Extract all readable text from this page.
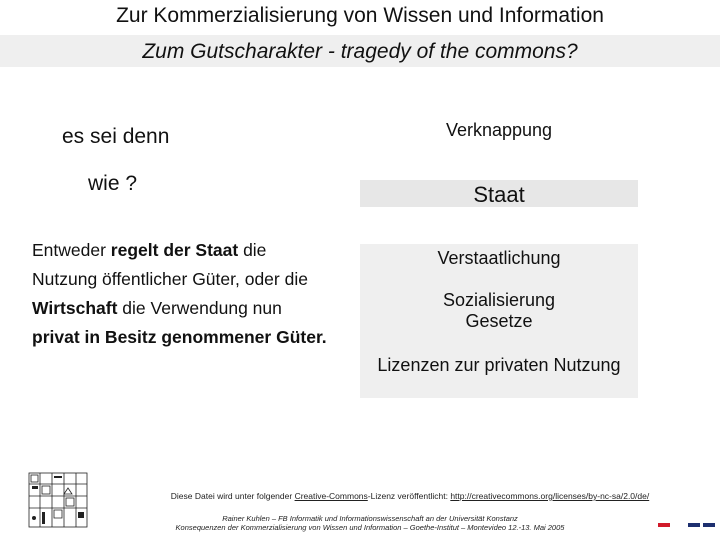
Zur Kommerzialisierung von Wissen und Information
Zum Gutscharakter - tragedy of the commons?
es sei denn
wie ?
Entweder regelt der Staat die Nutzung öffentlicher Güter, oder die Wirtschaft die Verwendung nun privat in Besitz genommener Güter.
Verknappung
Staat
Verstaatlichung
Sozialisierung
Gesetze
Lizenzen zur privaten Nutzung
Diese Datei wird unter folgender Creative-Commons-Lizenz veröffentlicht: http://creativecommons.org/licenses/by-nc-sa/2.0/de/
Rainer Kuhlen – FB Informatik und Informationswissenschaft an der Universität Konstanz
Konsequenzen der Kommerzialisierung von Wissen und Information – Goethe-Institut – Montevideo 12.-13. Mai 2005
